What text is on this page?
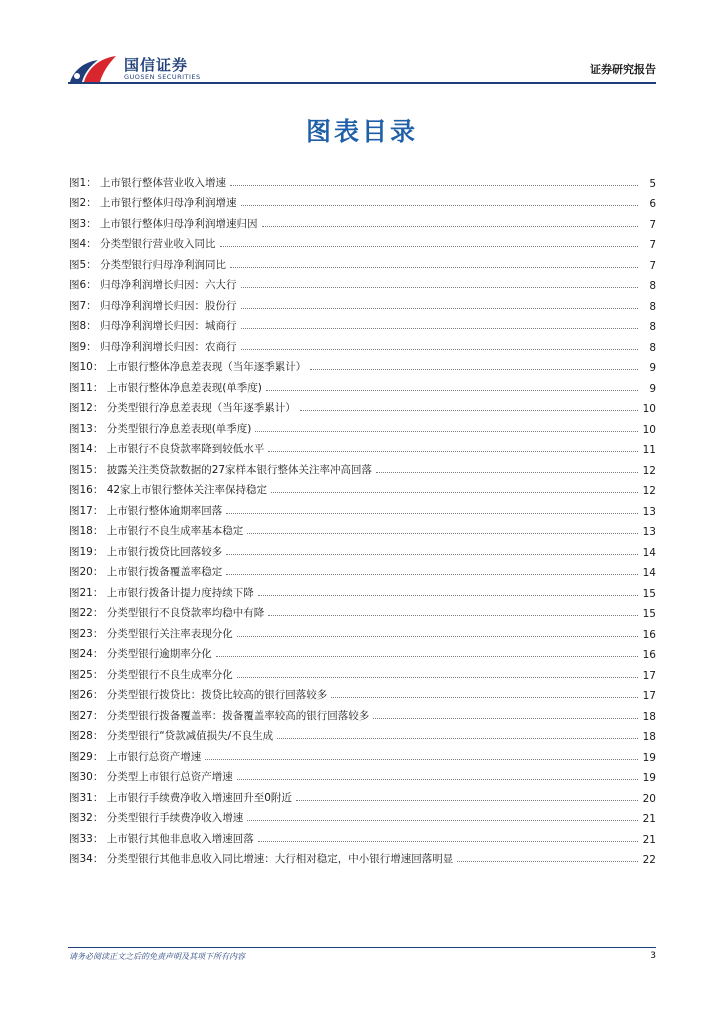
国信证券
GUOSEN SECURITIES
证券研究报告
图表目录
图1： 上市银行整体营业收入增速	5
图2： 上市银行整体归母净利润增速	6
图3： 上市银行整体归母净利润增速归因	7
图4： 分类型银行营业收入同比	7
图5： 分类型银行归母净利润同比	7
图6： 归母净利润增长归因：六大行	8
图7： 归母净利润增长归因：股份行	8
图8： 归母净利润增长归因：城商行	8
图9： 归母净利润增长归因：农商行	8
图10： 上市银行整体净息差表现（当年逐季累计）	9
图11： 上市银行整体净息差表现(单季度)	9
图12： 分类型银行净息差表现（当年逐季累计）	10
图13： 分类型银行净息差表现(单季度)	10
图14： 上市银行不良贷款率降到较低水平	11
图15： 披露关注类贷款数据的27家样本银行整体关注率冲高回落	12
图16： 42家上市银行整体关注率保持稳定	12
图17： 上市银行整体逾期率回落	13
图18： 上市银行不良生成率基本稳定	13
图19： 上市银行拨贷比回落较多	14
图20： 上市银行拨备覆盖率稳定	14
图21： 上市银行拨备计提力度持续下降	15
图22： 分类型银行不良贷款率均稳中有降	15
图23： 分类型银行关注率表现分化	16
图24： 分类型银行逾期率分化	16
图25： 分类型银行不良生成率分化	17
图26： 分类型银行拨贷比：拨贷比较高的银行回落较多	17
图27： 分类型银行拨备覆盖率：拨备覆盖率较高的银行回落较多	18
图28： 分类型银行“贷款减值损失/不良生成	18
图29： 上市银行总资产增速	19
图30： 分类型上市银行总资产增速	19
图31： 上市银行手续费净收入增速回升至0附近	20
图32： 分类型银行手续费净收入增速	21
图33： 上市银行其他非息收入增速回落	21
图34： 分类型银行其他非息收入同比增速：大行相对稳定，中小银行增速回落明显	22
请务必阅读正文之后的免责声明及其项下所有内容	3
